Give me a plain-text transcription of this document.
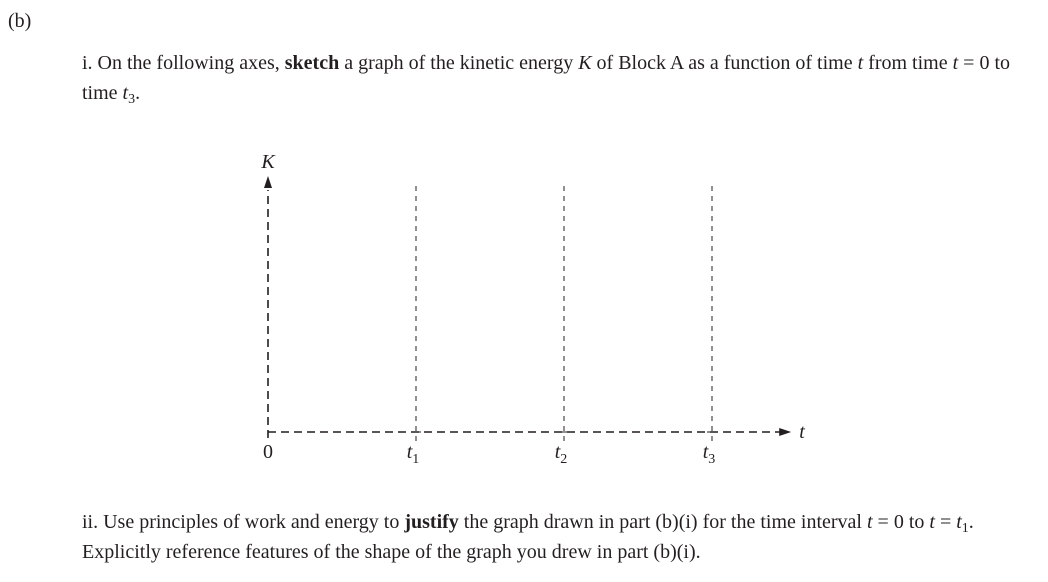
(b)
i. On the following axes, sketch a graph of the kinetic energy K of Block A as a function of time t from time t = 0 to time $t_3$.
K
t
0	$t_1$	$t_2$	$t_3$
ii. Use principles of work and energy to justify the graph drawn in part (b)(i) for the time interval t = 0 to $t = t_1$. Explicitly reference features of the shape of the graph you drew in part (b)(i).
